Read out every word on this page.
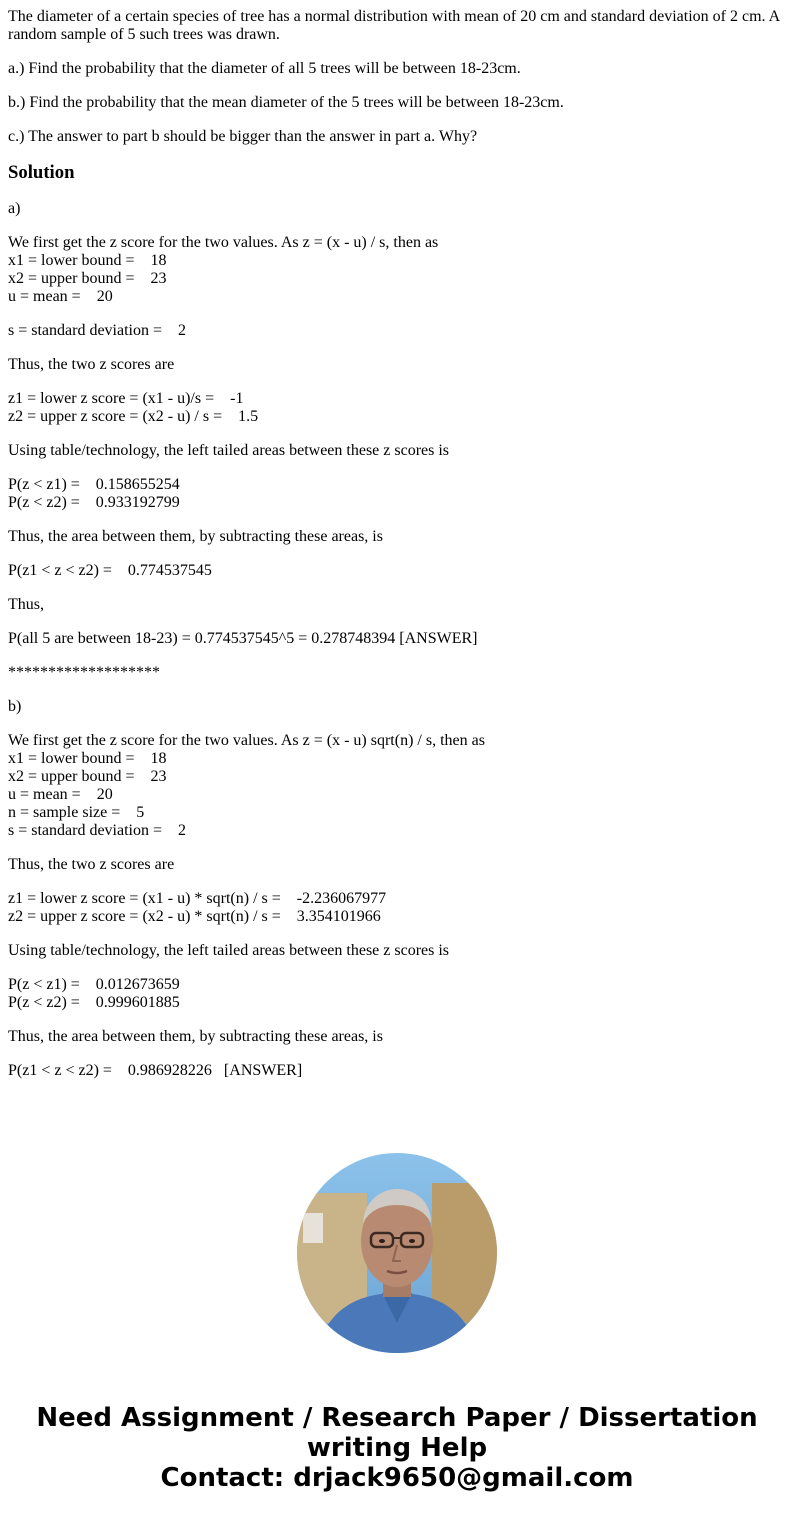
The diameter of a certain species of tree has a normal distribution with mean of 20 cm and standard deviation of 2 cm. A random sample of 5 such trees was drawn.

a.) Find the probability that the diameter of all 5 trees will be between 18-23cm.

b.) Find the probability that the mean diameter of the 5 trees will be between 18-23cm.

c.) The answer to part b should be bigger than the answer in part a. Why?

Solution

a)

We first get the z score for the two values. As z = (x - u) / s, then as
x1 = lower bound =    18
x2 = upper bound =    23
u = mean =    20

s = standard deviation =    2

Thus, the two z scores are

z1 = lower z score = (x1 - u)/s =    -1
z2 = upper z score = (x2 - u) / s =    1.5

Using table/technology, the left tailed areas between these z scores is

P(z < z1) =    0.158655254
P(z < z2) =    0.933192799

Thus, the area between them, by subtracting these areas, is

P(z1 < z < z2) =    0.774537545

Thus,

P(all 5 are between 18-23) = 0.774537545^5 = 0.278748394 [ANSWER]

*******************

b)

We first get the z score for the two values. As z = (x - u) sqrt(n) / s, then as
x1 = lower bound =    18
x2 = upper bound =    23
u = mean =    20
n = sample size =    5
s = standard deviation =    2

Thus, the two z scores are

z1 = lower z score = (x1 - u) * sqrt(n) / s =    -2.236067977
z2 = upper z score = (x2 - u) * sqrt(n) / s =    3.354101966

Using table/technology, the left tailed areas between these z scores is

P(z < z1) =    0.012673659
P(z < z2) =    0.999601885

Thus, the area between them, by subtracting these areas, is

P(z1 < z < z2) =    0.986928226   [ANSWER]

Need Assignment / Research Paper / Dissertation
writing Help
Contact: drjack9650@gmail.com
